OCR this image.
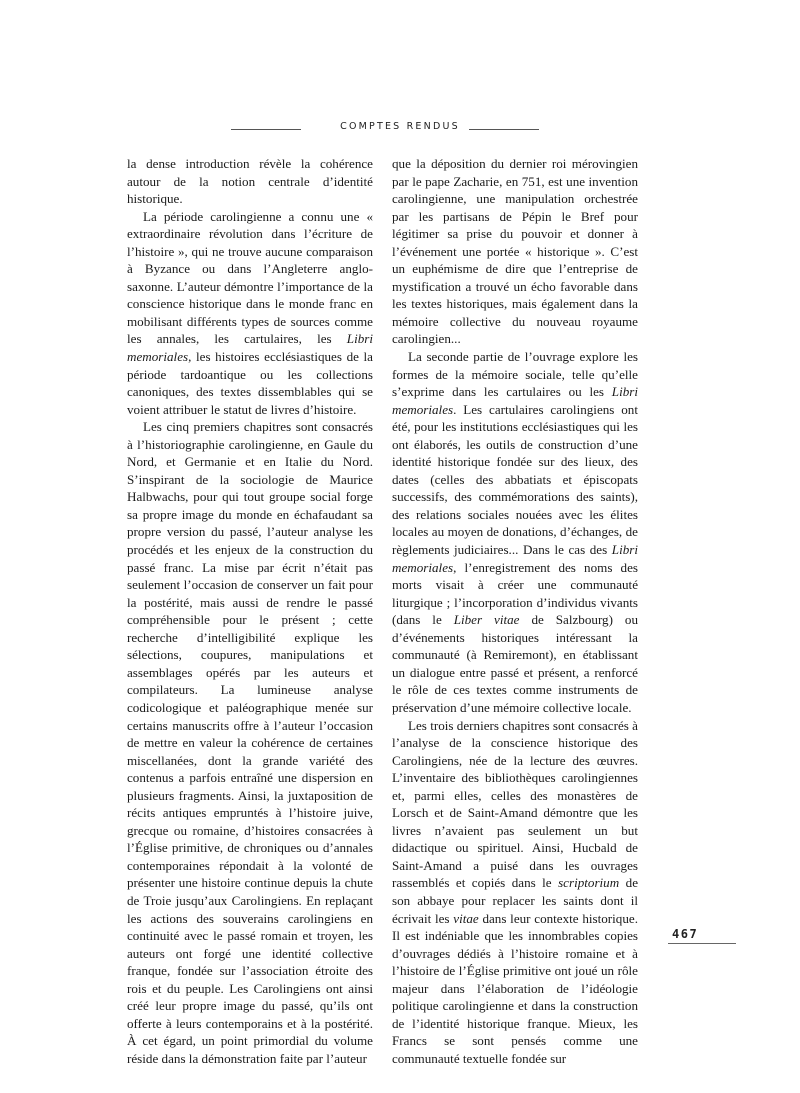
COMPTES RENDUS

la dense introduction révèle la cohérence autour de la notion centrale d’identité historique.

La période carolingienne a connu une « extraordinaire révolution dans l’écriture de l’histoire », qui ne trouve aucune comparaison à Byzance ou dans l’Angleterre anglo-saxonne. L’auteur démontre l’importance de la conscience historique dans le monde franc en mobilisant différents types de sources comme les annales, les cartulaires, les Libri memoriales, les histoires ecclésiastiques de la période tardoantique ou les collections canoniques, des textes dissemblables qui se voient attribuer le statut de livres d’histoire.

Les cinq premiers chapitres sont consacrés à l’historiographie carolingienne, en Gaule du Nord, et Germanie et en Italie du Nord. S’inspirant de la sociologie de Maurice Halbwachs, pour qui tout groupe social forge sa propre image du monde en échafaudant sa propre version du passé, l’auteur analyse les procédés et les enjeux de la construction du passé franc. La mise par écrit n’était pas seulement l’occasion de conserver un fait pour la postérité, mais aussi de rendre le passé compréhensible pour le présent ; cette recherche d’intelligibilité explique les sélections, coupures, manipulations et assemblages opérés par les auteurs et compilateurs. La lumineuse analyse codicologique et paléographique menée sur certains manuscrits offre à l’auteur l’occasion de mettre en valeur la cohérence de certaines miscellanées, dont la grande variété des contenus a parfois entraîné une dispersion en plusieurs fragments. Ainsi, la juxtaposition de récits antiques empruntés à l’histoire juive, grecque ou romaine, d’histoires consacrées à l’Église primitive, de chroniques ou d’annales contemporaines répondait à la volonté de présenter une histoire continue depuis la chute de Troie jusqu’aux Carolingiens. En replaçant les actions des souverains carolingiens en continuité avec le passé romain et troyen, les auteurs ont forgé une identité collective franque, fondée sur l’association étroite des rois et du peuple. Les Carolingiens ont ainsi créé leur propre image du passé, qu’ils ont offerte à leurs contemporains et à la postérité. À cet égard, un point primordial du volume réside dans la démonstration faite par l’auteur

que la déposition du dernier roi mérovingien par le pape Zacharie, en 751, est une invention carolingienne, une manipulation orchestrée par les partisans de Pépin le Bref pour légitimer sa prise du pouvoir et donner à l’événement une portée « historique ». C’est un euphémisme de dire que l’entreprise de mystification a trouvé un écho favorable dans les textes historiques, mais également dans la mémoire collective du nouveau royaume carolingien...

La seconde partie de l’ouvrage explore les formes de la mémoire sociale, telle qu’elle s’exprime dans les cartulaires ou les Libri memoriales. Les cartulaires carolingiens ont été, pour les institutions ecclésiastiques qui les ont élaborés, les outils de construction d’une identité historique fondée sur des lieux, des dates (celles des abbatiats et épiscopats successifs, des commémorations des saints), des relations sociales nouées avec les élites locales au moyen de donations, d’échanges, de règlements judiciaires... Dans le cas des Libri memoriales, l’enregistrement des noms des morts visait à créer une communauté liturgique ; l’incorporation d’individus vivants (dans le Liber vitae de Salzbourg) ou d’événements historiques intéressant la communauté (à Remiremont), en établissant un dialogue entre passé et présent, a renforcé le rôle de ces textes comme instruments de préservation d’une mémoire collective locale.

Les trois derniers chapitres sont consacrés à l’analyse de la conscience historique des Carolingiens, née de la lecture des œuvres. L’inventaire des bibliothèques carolingiennes et, parmi elles, celles des monastères de Lorsch et de Saint-Amand démontre que les livres n’avaient pas seulement un but didactique ou spirituel. Ainsi, Hucbald de Saint-Amand a puisé dans les ouvrages rassemblés et copiés dans le scriptorium de son abbaye pour replacer les saints dont il écrivait les vitae dans leur contexte historique. Il est indéniable que les innombrables copies d’ouvrages dédiés à l’histoire romaine et à l’histoire de l’Église primitive ont joué un rôle majeur dans l’élaboration de l’idéologie politique carolingienne et dans la construction de l’identité historique franque. Mieux, les Francs se sont pensés comme une communauté textuelle fondée sur

467
